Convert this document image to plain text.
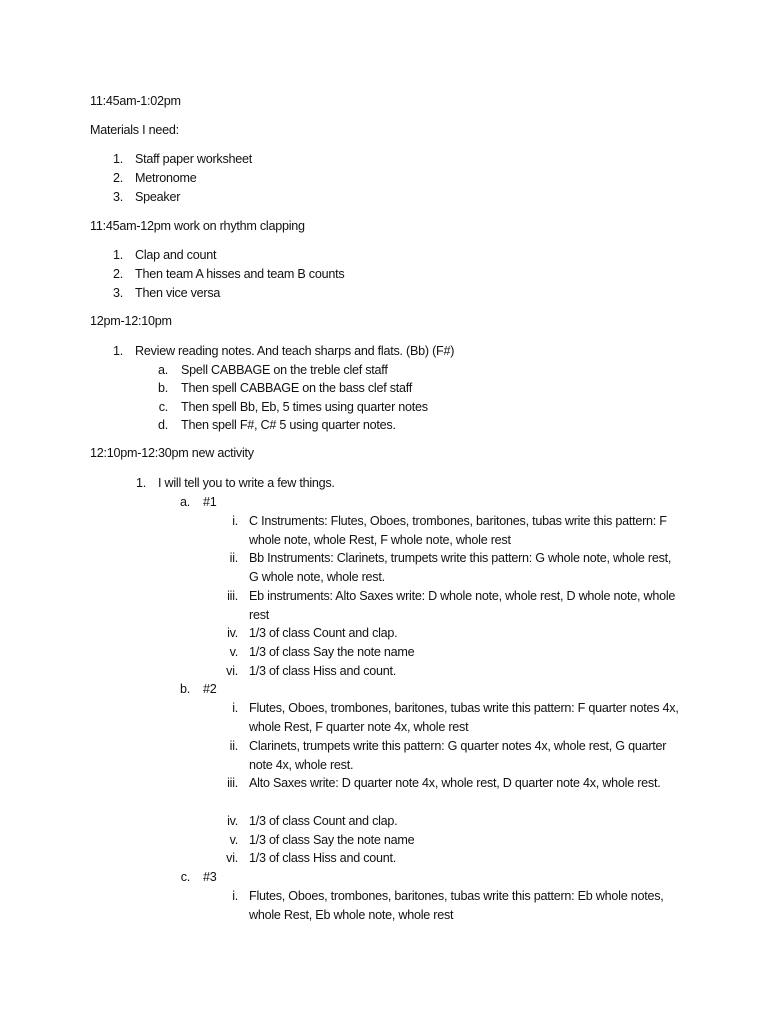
11:45am-1:02pm

Materials I need:

1. Staff paper worksheet
2. Metronome
3. Speaker

11:45am-12pm work on rhythm clapping

1. Clap and count
2. Then team A hisses and team B counts
3. Then vice versa

12pm-12:10pm

1. Review reading notes. And teach sharps and flats. (Bb) (F#)
a. Spell CABBAGE on the treble clef staff
b. Then spell CABBAGE on the bass clef staff
c. Then spell Bb, Eb, 5 times using quarter notes
d. Then spell F#, C# 5 using quarter notes.

12:10pm-12:30pm new activity

1. I will tell you to write a few things.
a. #1
i. C Instruments: Flutes, Oboes, trombones, baritones, tubas write this pattern: F whole note, whole Rest, F whole note, whole rest
ii. Bb Instruments: Clarinets, trumpets write this pattern: G whole note, whole rest, G whole note, whole rest.
iii. Eb instruments: Alto Saxes write: D whole note, whole rest, D whole note, whole rest
iv. 1/3 of class Count and clap.
v. 1/3 of class Say the note name
vi. 1/3 of class Hiss and count.
b. #2
i. Flutes, Oboes, trombones, baritones, tubas write this pattern: F quarter notes 4x, whole Rest, F quarter note 4x, whole rest
ii. Clarinets, trumpets write this pattern: G quarter notes 4x, whole rest, G quarter note 4x, whole rest.
iii. Alto Saxes write: D quarter note 4x, whole rest, D quarter note 4x, whole rest.
iv. 1/3 of class Count and clap.
v. 1/3 of class Say the note name
vi. 1/3 of class Hiss and count.
c. #3
i. Flutes, Oboes, trombones, baritones, tubas write this pattern: Eb whole notes, whole Rest, Eb whole note, whole rest
